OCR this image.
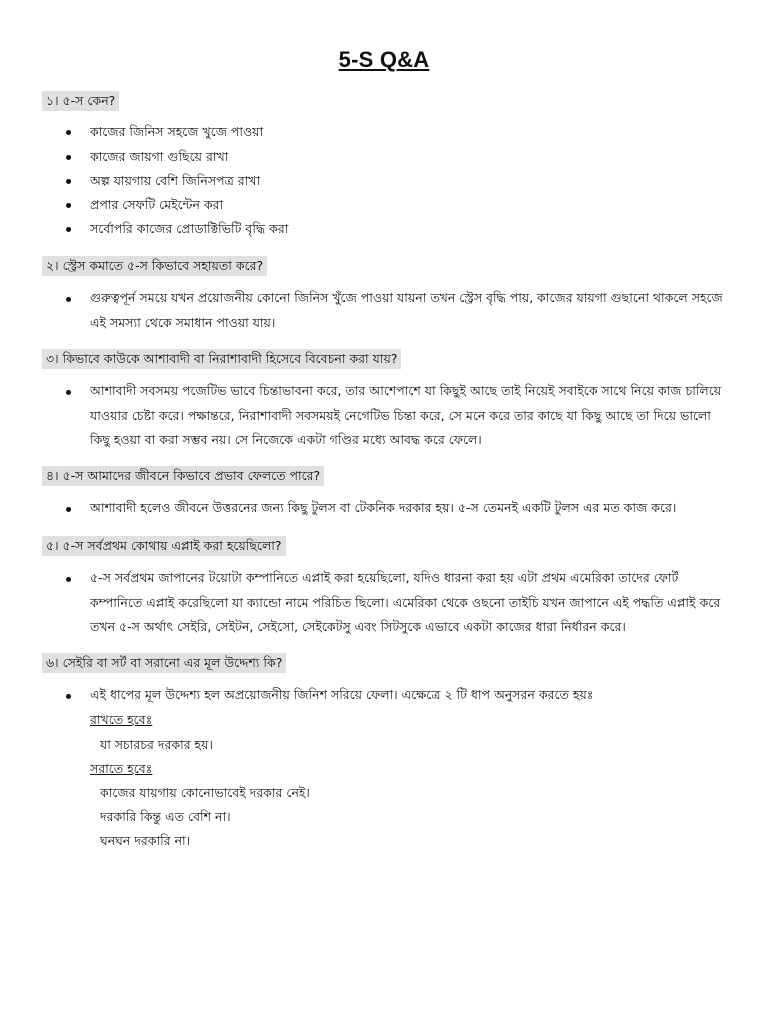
5-S Q&A
১। ৫-স কেন?
কাজের জিনিস সহজে খুজে পাওয়া
কাজের জায়গা গুছিয়ে রাখা
অল্প যায়গায় বেশি জিনিসপত্র রাখা
প্রপার সেফটি মেইন্টেন করা
সর্বোপরি কাজের প্রোডাক্টিভিটি বৃদ্ধি করা
২। স্ট্রেস কমাতে ৫-স কিভাবে সহায়তা করে?
গুরুত্বপূর্ন সময়ে যখন প্রয়োজনীয় কোনো জিনিস খুঁজে পাওয়া যায়না তখন স্ট্রেস বৃদ্ধি পায়, কাজের যায়গা গুছানো থাকলে সহজে
এই সমস্যা থেকে সমাধান পাওয়া যায়।
৩। কিভাবে কাউকে আশাবাদী বা নিরাশাবাদী হিসেবে বিবেচনা করা যায়?
আশাবাদী সবসময় পজেটিভ ভাবে চিন্তাভাবনা করে, তার আশেপাশে যা কিছুই আছে তাই নিয়েই সবাইকে সাথে নিয়ে কাজ চালিয়ে
যাওয়ার চেষ্টা করে। পক্ষান্তরে, নিরাশাবাদী সবসময়ই নেগেটিভ চিন্তা করে, সে মনে করে তার কাছে যা কিছু আছে তা দিয়ে ভালো
কিছু হওয়া বা করা সম্ভব নয়। সে নিজেকে একটা গণ্ডির মধ্যে আবদ্ধ করে ফেলে।
৪। ৫-স আমাদের জীবনে কিভাবে প্রভাব ফেলতে পারে?
আশাবাদী হলেও জীবনে উত্তরনের জন্য কিছু টুলস বা টেকনিক দরকার হয়। ৫-স তেমনই একটি টুলস এর মত কাজ করে।
৫। ৫-স সর্বপ্রথম কোথায় এপ্লাই করা হয়েছিলো?
৫-স সর্বপ্রথম জাপানের টয়োটা কম্পানিতে এপ্লাই করা হয়েছিলো, যদিও ধারনা করা হয় এটা প্রথম এমেরিকা তাদের ফোর্ট
কম্পানিতে এপ্লাই করেছিলো যা ক্যান্ডো নামে পরিচিত ছিলো। এমেরিকা থেকে ওছনো তাইচি যখন জাপানে এই পদ্ধতি এপ্লাই করে
তখন ৫-স অর্থাৎ সেইরি, সেইটন, সেইসো, সেইকেটসু এবং সিটসুকে এভাবে একটা কাজের ধারা নির্ধারন করে।
৬। সেইরি বা সর্ট বা সরানো এর মূল উদ্দেশ্য কি?
এই ধাপের মূল উদ্দেশ্য হল অপ্রয়োজনীয় জিনিশ সরিয়ে ফেলা। এক্ষেত্রে ২ টি ধাপ অনুসরন করতে হয়ঃ
রাখতে হবেঃ
যা সচারচর দরকার হয়।
সরাতে হবেঃ
কাজের যায়গায় কোনোভাবেই দরকার নেই।
দরকারি কিন্তু এত বেশি না।
ঘনঘন দরকারি না।
